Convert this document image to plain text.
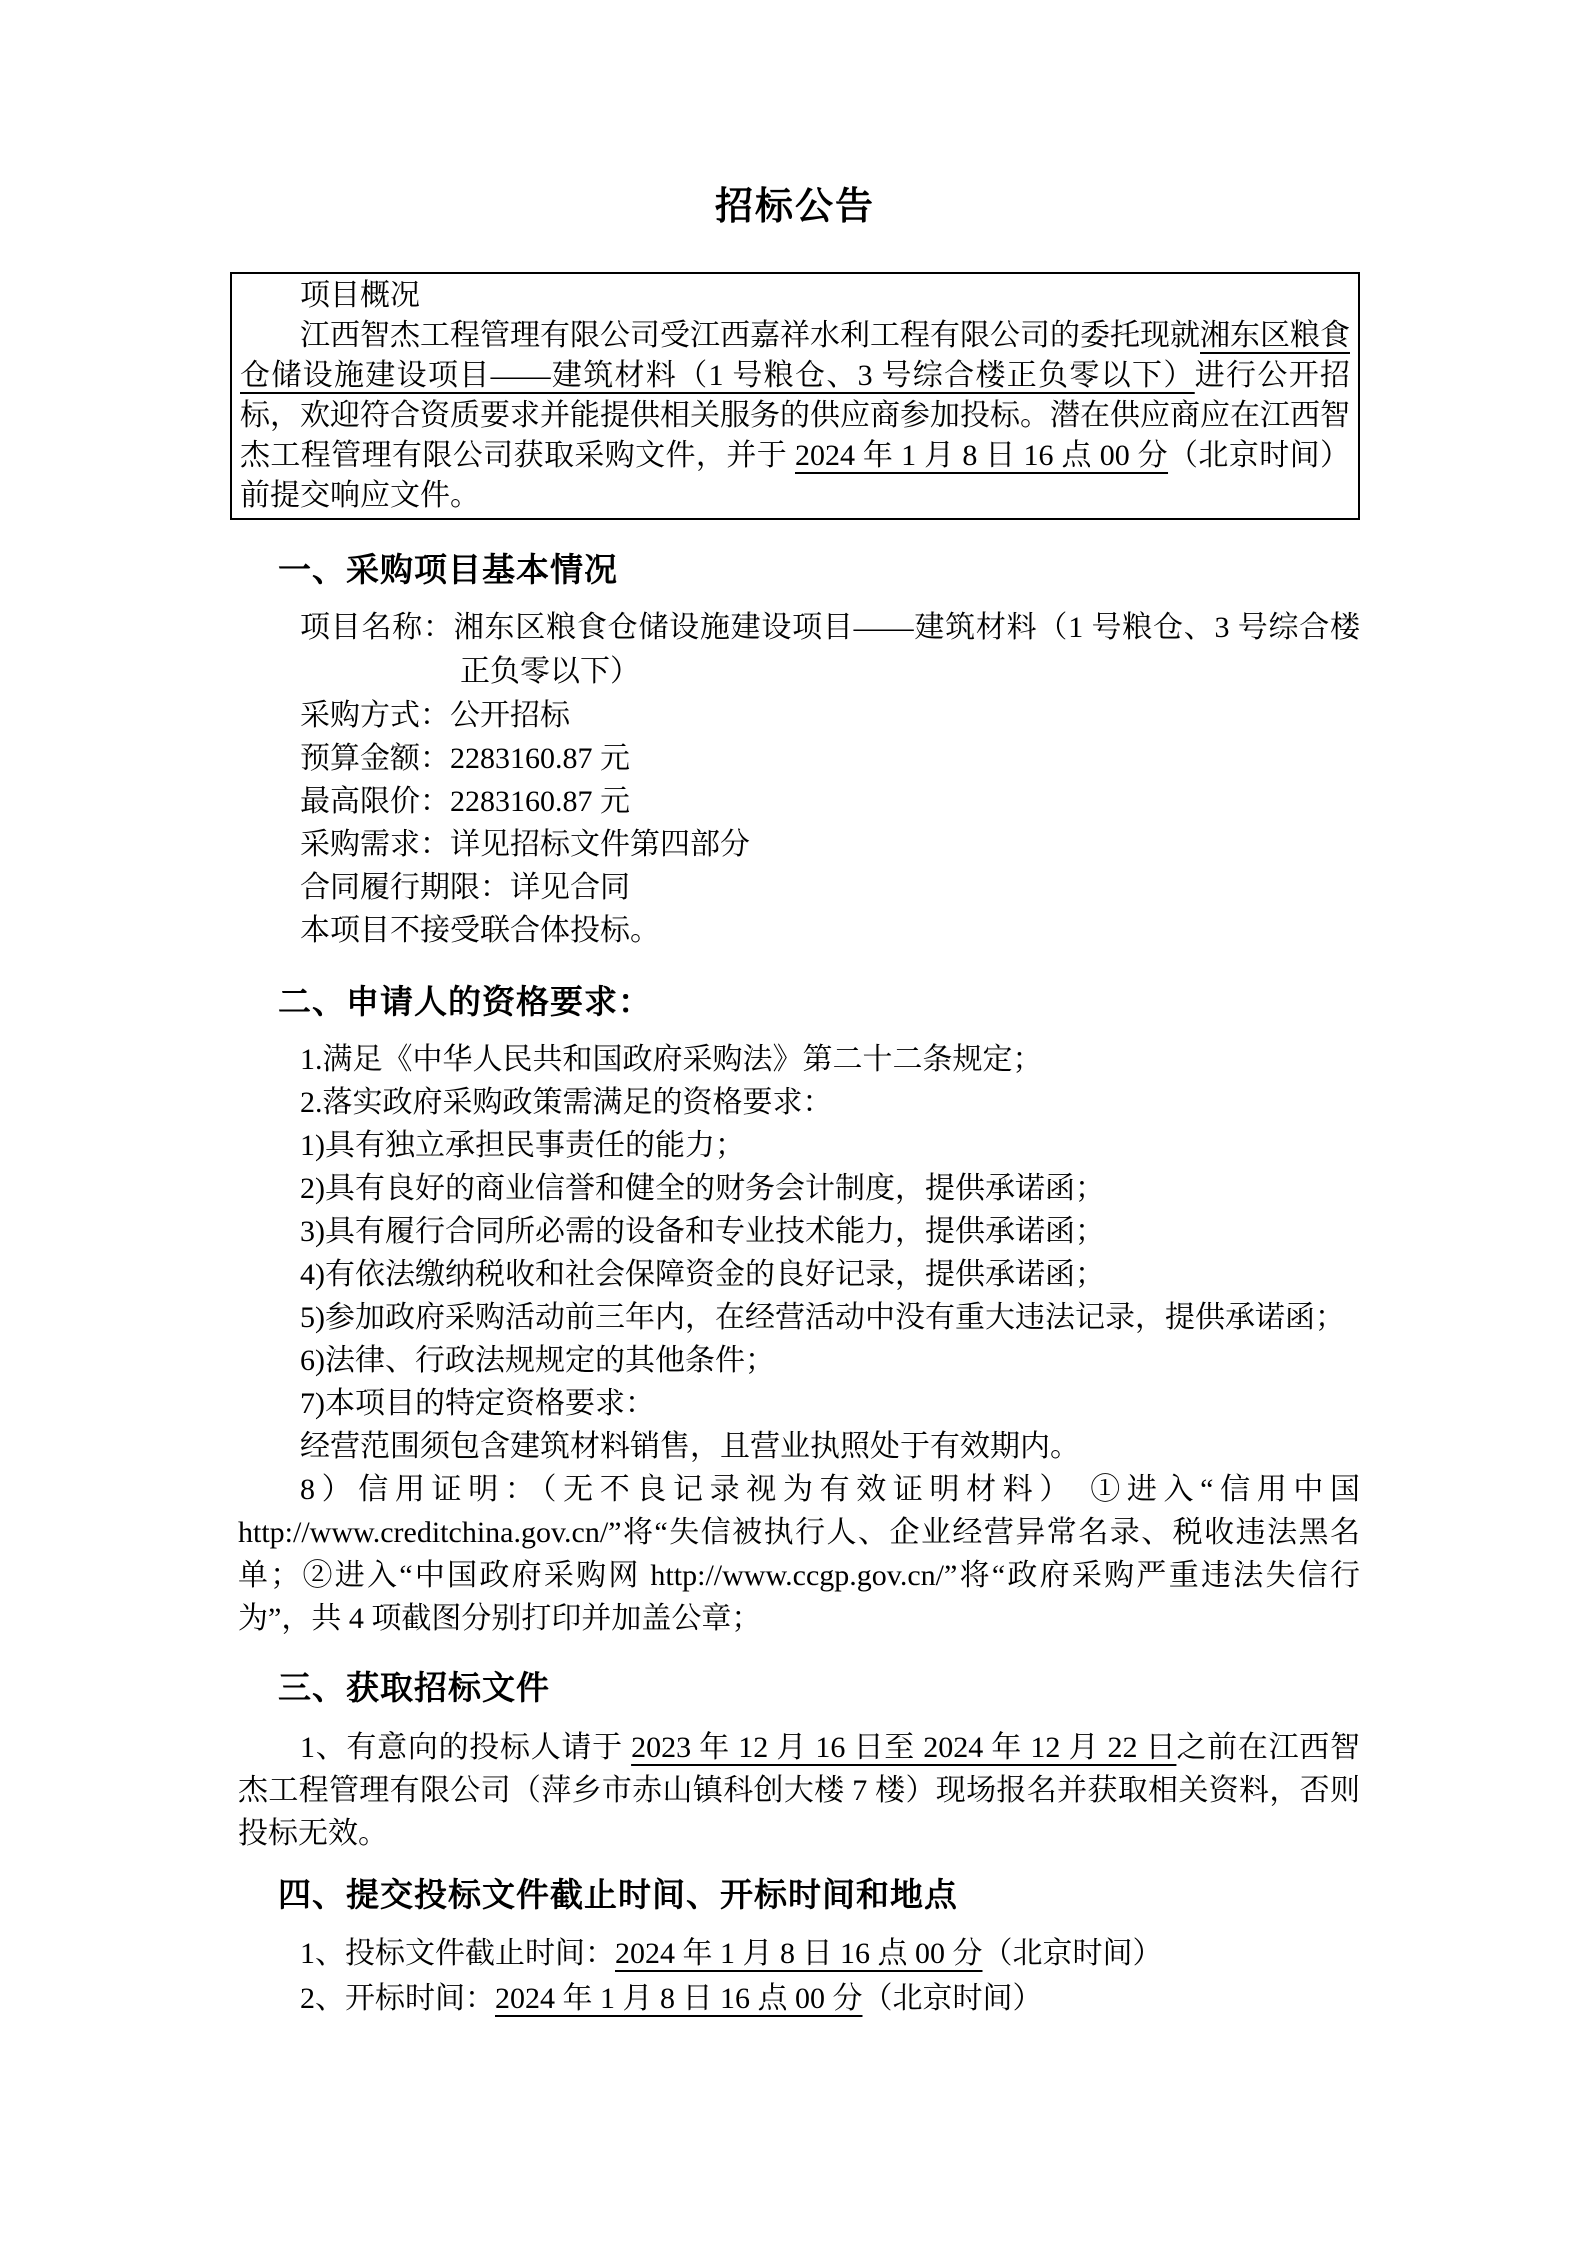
招标公告
项目概况
江西智杰工程管理有限公司受江西嘉祥水利工程有限公司的委托现就湘东区粮食仓储设施建设项目——建筑材料（1 号粮仓、3 号综合楼正负零以下）进行公开招标，欢迎符合资质要求并能提供相关服务的供应商参加投标。潜在供应商应在江西智杰工程管理有限公司获取采购文件，并于 2024 年 1 月 8 日 16 点 00 分（北京时间）前提交响应文件。
一、采购项目基本情况
项目名称：湘东区粮食仓储设施建设项目——建筑材料（1 号粮仓、3 号综合楼正负零以下）
采购方式：公开招标
预算金额：2283160.87 元
最高限价：2283160.87 元
采购需求：详见招标文件第四部分
合同履行期限：详见合同
本项目不接受联合体投标。
二、申请人的资格要求：
1.满足《中华人民共和国政府采购法》第二十二条规定；
2.落实政府采购政策需满足的资格要求：
1)具有独立承担民事责任的能力；
2)具有良好的商业信誉和健全的财务会计制度，提供承诺函；
3)具有履行合同所必需的设备和专业技术能力，提供承诺函；
4)有依法缴纳税收和社会保障资金的良好记录，提供承诺函；
5)参加政府采购活动前三年内，在经营活动中没有重大违法记录，提供承诺函；
6)法律、行政法规规定的其他条件；
7)本项目的特定资格要求：
经营范围须包含建筑材料销售，且营业执照处于有效期内。
8）信用证明：（无不良记录视为有效证明材料） ①进入“信用中国 http://www.creditchina.gov.cn/”将“失信被执行人、企业经营异常名录、税收违法黑名单；②进入“中国政府采购网 http://www.ccgp.gov.cn/”将“政府采购严重违法失信行为”，共 4 项截图分别打印并加盖公章；
三、获取招标文件
1、有意向的投标人请于 2023 年 12 月 16 日至 2024 年 12 月 22 日之前在江西智杰工程管理有限公司（萍乡市赤山镇科创大楼 7 楼）现场报名并获取相关资料，否则投标无效。
四、提交投标文件截止时间、开标时间和地点
1、投标文件截止时间：2024 年 1 月 8 日 16 点 00 分（北京时间）
2、开标时间：2024 年 1 月 8 日 16 点 00 分（北京时间）
